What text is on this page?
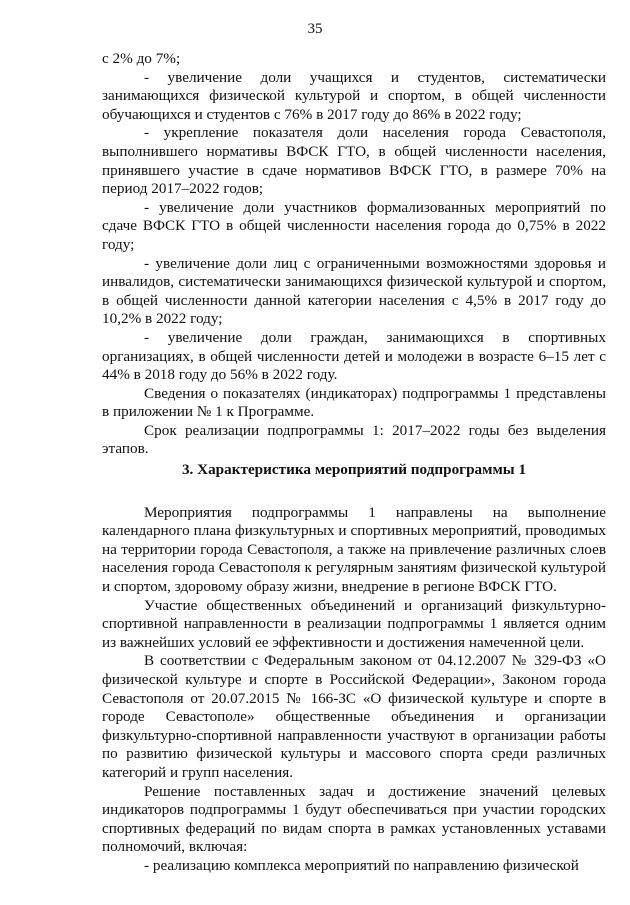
35

с 2% до 7%;

- увеличение доли учащихся и студентов, систематически занимающихся физической культурой и спортом, в общей численности обучающихся и студентов с 76% в 2017 году до 86% в 2022 году;

- укрепление показателя доли населения города Севастополя, выполнившего нормативы ВФСК ГТО, в общей численности населения, принявшего участие в сдаче нормативов ВФСК ГТО, в размере 70% на период 2017–2022 годов;

- увеличение доли участников формализованных мероприятий по сдаче ВФСК ГТО в общей численности населения города до 0,75% в 2022 году;

- увеличение доли лиц с ограниченными возможностями здоровья и инвалидов, систематически занимающихся физической культурой и спортом, в общей численности данной категории населения с 4,5% в 2017 году до 10,2% в 2022 году;

- увеличение доли граждан, занимающихся в спортивных организациях, в общей численности детей и молодежи в возрасте 6–15 лет с 44% в 2018 году до 56% в 2022 году.

Сведения о показателях (индикаторах) подпрограммы 1 представлены в приложении № 1 к Программе.

Срок реализации подпрограммы 1: 2017–2022 годы без выделения этапов.

3. Характеристика мероприятий подпрограммы 1

Мероприятия подпрограммы 1 направлены на выполнение календарного плана физкультурных и спортивных мероприятий, проводимых на территории города Севастополя, а также на привлечение различных слоев населения города Севастополя к регулярным занятиям физической культурой и спортом, здоровому образу жизни, внедрение в регионе ВФСК ГТО.

Участие общественных объединений и организаций физкультурно-спортивной направленности в реализации подпрограммы 1 является одним из важнейших условий ее эффективности и достижения намеченной цели.

В соответствии с Федеральным законом от 04.12.2007 № 329-ФЗ «О физической культуре и спорте в Российской Федерации», Законом города Севастополя от 20.07.2015 № 166-ЗС «О физической культуре и спорте в городе Севастополе» общественные объединения и организации физкультурно-спортивной направленности участвуют в организации работы по развитию физической культуры и массового спорта среди различных категорий и групп населения.

Решение поставленных задач и достижение значений целевых индикаторов подпрограммы 1 будут обеспечиваться при участии городских спортивных федераций по видам спорта в рамках установленных уставами полномочий, включая:

- реализацию комплекса мероприятий по направлению физической
